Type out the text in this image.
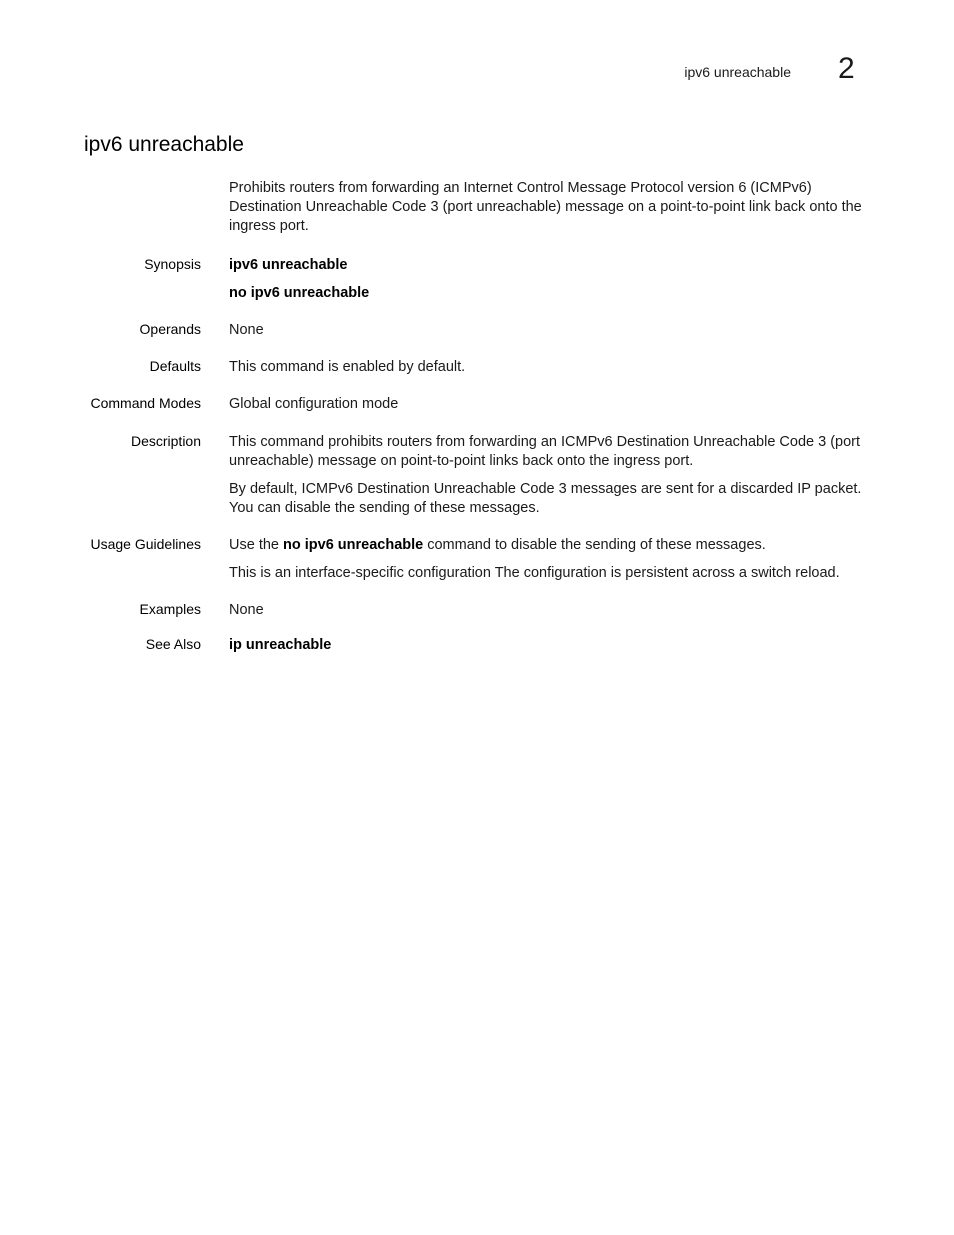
ipv6 unreachable 2
ipv6 unreachable
Prohibits routers from forwarding an Internet Control Message Protocol version 6 (ICMPv6) Destination Unreachable Code 3 (port unreachable) message on a point-to-point link back onto the ingress port.
Synopsis ipv6 unreachable

no ipv6 unreachable

Operands None
Defaults This command is enabled by default.
Command Modes Global configuration mode
Description This command prohibits routers from forwarding an ICMPv6 Destination Unreachable Code 3 (port unreachable) message on point-to-point links back onto the ingress port.

By default, ICMPv6 Destination Unreachable Code 3 messages are sent for a discarded IP packet. You can disable the sending of these messages.

Usage Guidelines Use the no ipv6 unreachable command to disable the sending of these messages.

This is an interface-specific configuration The configuration is persistent across a switch reload.

Examples None
See Also ip unreachable
